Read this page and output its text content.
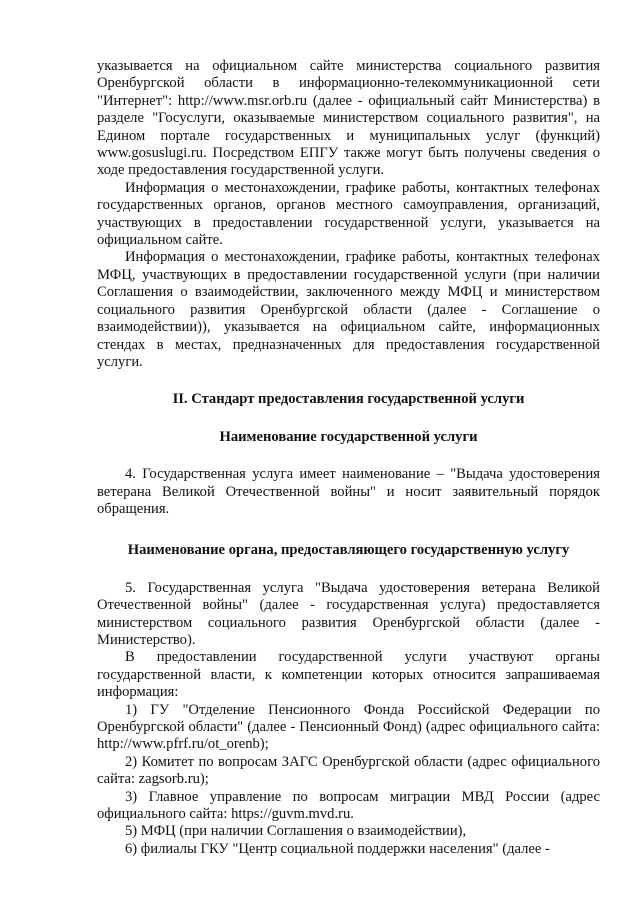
указывается на официальном сайте министерства социального развития Оренбургской области в информационно-телекоммуникационной сети "Интернет": http://www.msr.orb.ru (далее - официальный сайт Министерства) в разделе "Госуслуги, оказываемые министерством социального развития", на Едином портале государственных и муниципальных услуг (функций) www.gosuslugi.ru. Посредством ЕПГУ также могут быть получены сведения о ходе предоставления государственной услуги.

Информация о местонахождении, графике работы, контактных телефонах государственных органов, органов местного самоуправления, организаций, участвующих в предоставлении государственной услуги, указывается на официальном сайте.

Информация о местонахождении, графике работы, контактных телефонах МФЦ, участвующих в предоставлении государственной услуги (при наличии Соглашения о взаимодействии, заключенного между МФЦ и министерством социального развития Оренбургской области (далее - Соглашение о взаимодействии)), указывается на официальном сайте, информационных стендах в местах, предназначенных для предоставления государственной услуги.

II. Стандарт предоставления государственной услуги
Наименование государственной услуги

4. Государственная услуга имеет наименование – "Выдача удостоверения ветерана Великой Отечественной войны" и носит заявительный порядок обращения.

Наименование органа, предоставляющего государственную услугу

5. Государственная услуга "Выдача удостоверения ветерана Великой Отечественной войны" (далее - государственная услуга) предоставляется министерством социального развития Оренбургской области (далее - Министерство).

В предоставлении государственной услуги участвуют органы государственной власти, к компетенции которых относится запрашиваемая информация:

1) ГУ "Отделение Пенсионного Фонда Российской Федерации по Оренбургской области" (далее - Пенсионный Фонд) (адрес официального сайта: http://www.pfrf.ru/ot_orenb);

2) Комитет по вопросам ЗАГС Оренбургской области (адрес официального сайта: zagsorb.ru);

3) Главное управление по вопросам миграции МВД России (адрес официального сайта: https://guvm.mvd.ru.

5) МФЦ (при наличии Соглашения о взаимодействии),

6) филиалы ГКУ "Центр социальной поддержки населения" (далее -
